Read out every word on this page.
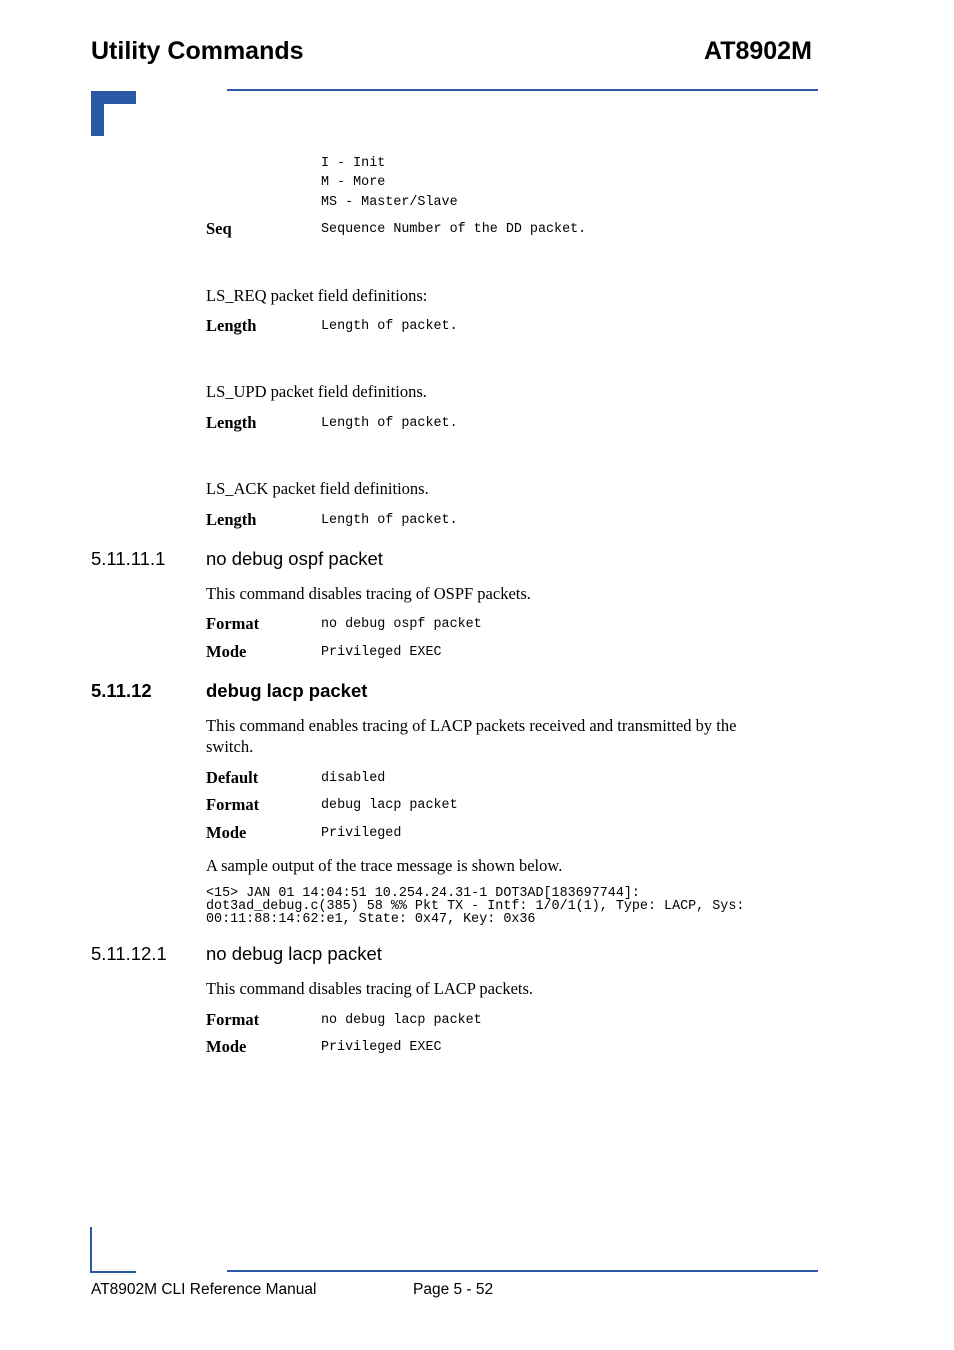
Utility Commands	AT8902M
I - Init
M - More
MS - Master/Slave
Seq	Sequence Number of the DD packet.
LS_REQ packet field definitions:
Length	Length of packet.
LS_UPD packet field definitions.
Length	Length of packet.
LS_ACK packet field definitions.
Length	Length of packet.
5.11.11.1 no debug ospf packet
This command disables tracing of OSPF packets.
Format	no debug ospf packet
Mode	Privileged EXEC
5.11.12	debug lacp packet
This command enables tracing of LACP packets received and transmitted by the
switch.
Default	disabled
Format	debug lacp packet
Mode	Privileged
A sample output of the trace message is shown below.
<15> JAN 01 14:04:51 10.254.24.31-1 DOT3AD[183697744]:
dot3ad_debug.c(385) 58 %% Pkt TX - Intf: 1/0/1(1), Type: LACP, Sys:
00:11:88:14:62:e1, State: 0x47, Key: 0x36
5.11.12.1 no debug lacp packet
This command disables tracing of LACP packets.
Format	no debug lacp packet
Mode	Privileged EXEC
AT8902M CLI Reference Manual	Page 5 - 52
